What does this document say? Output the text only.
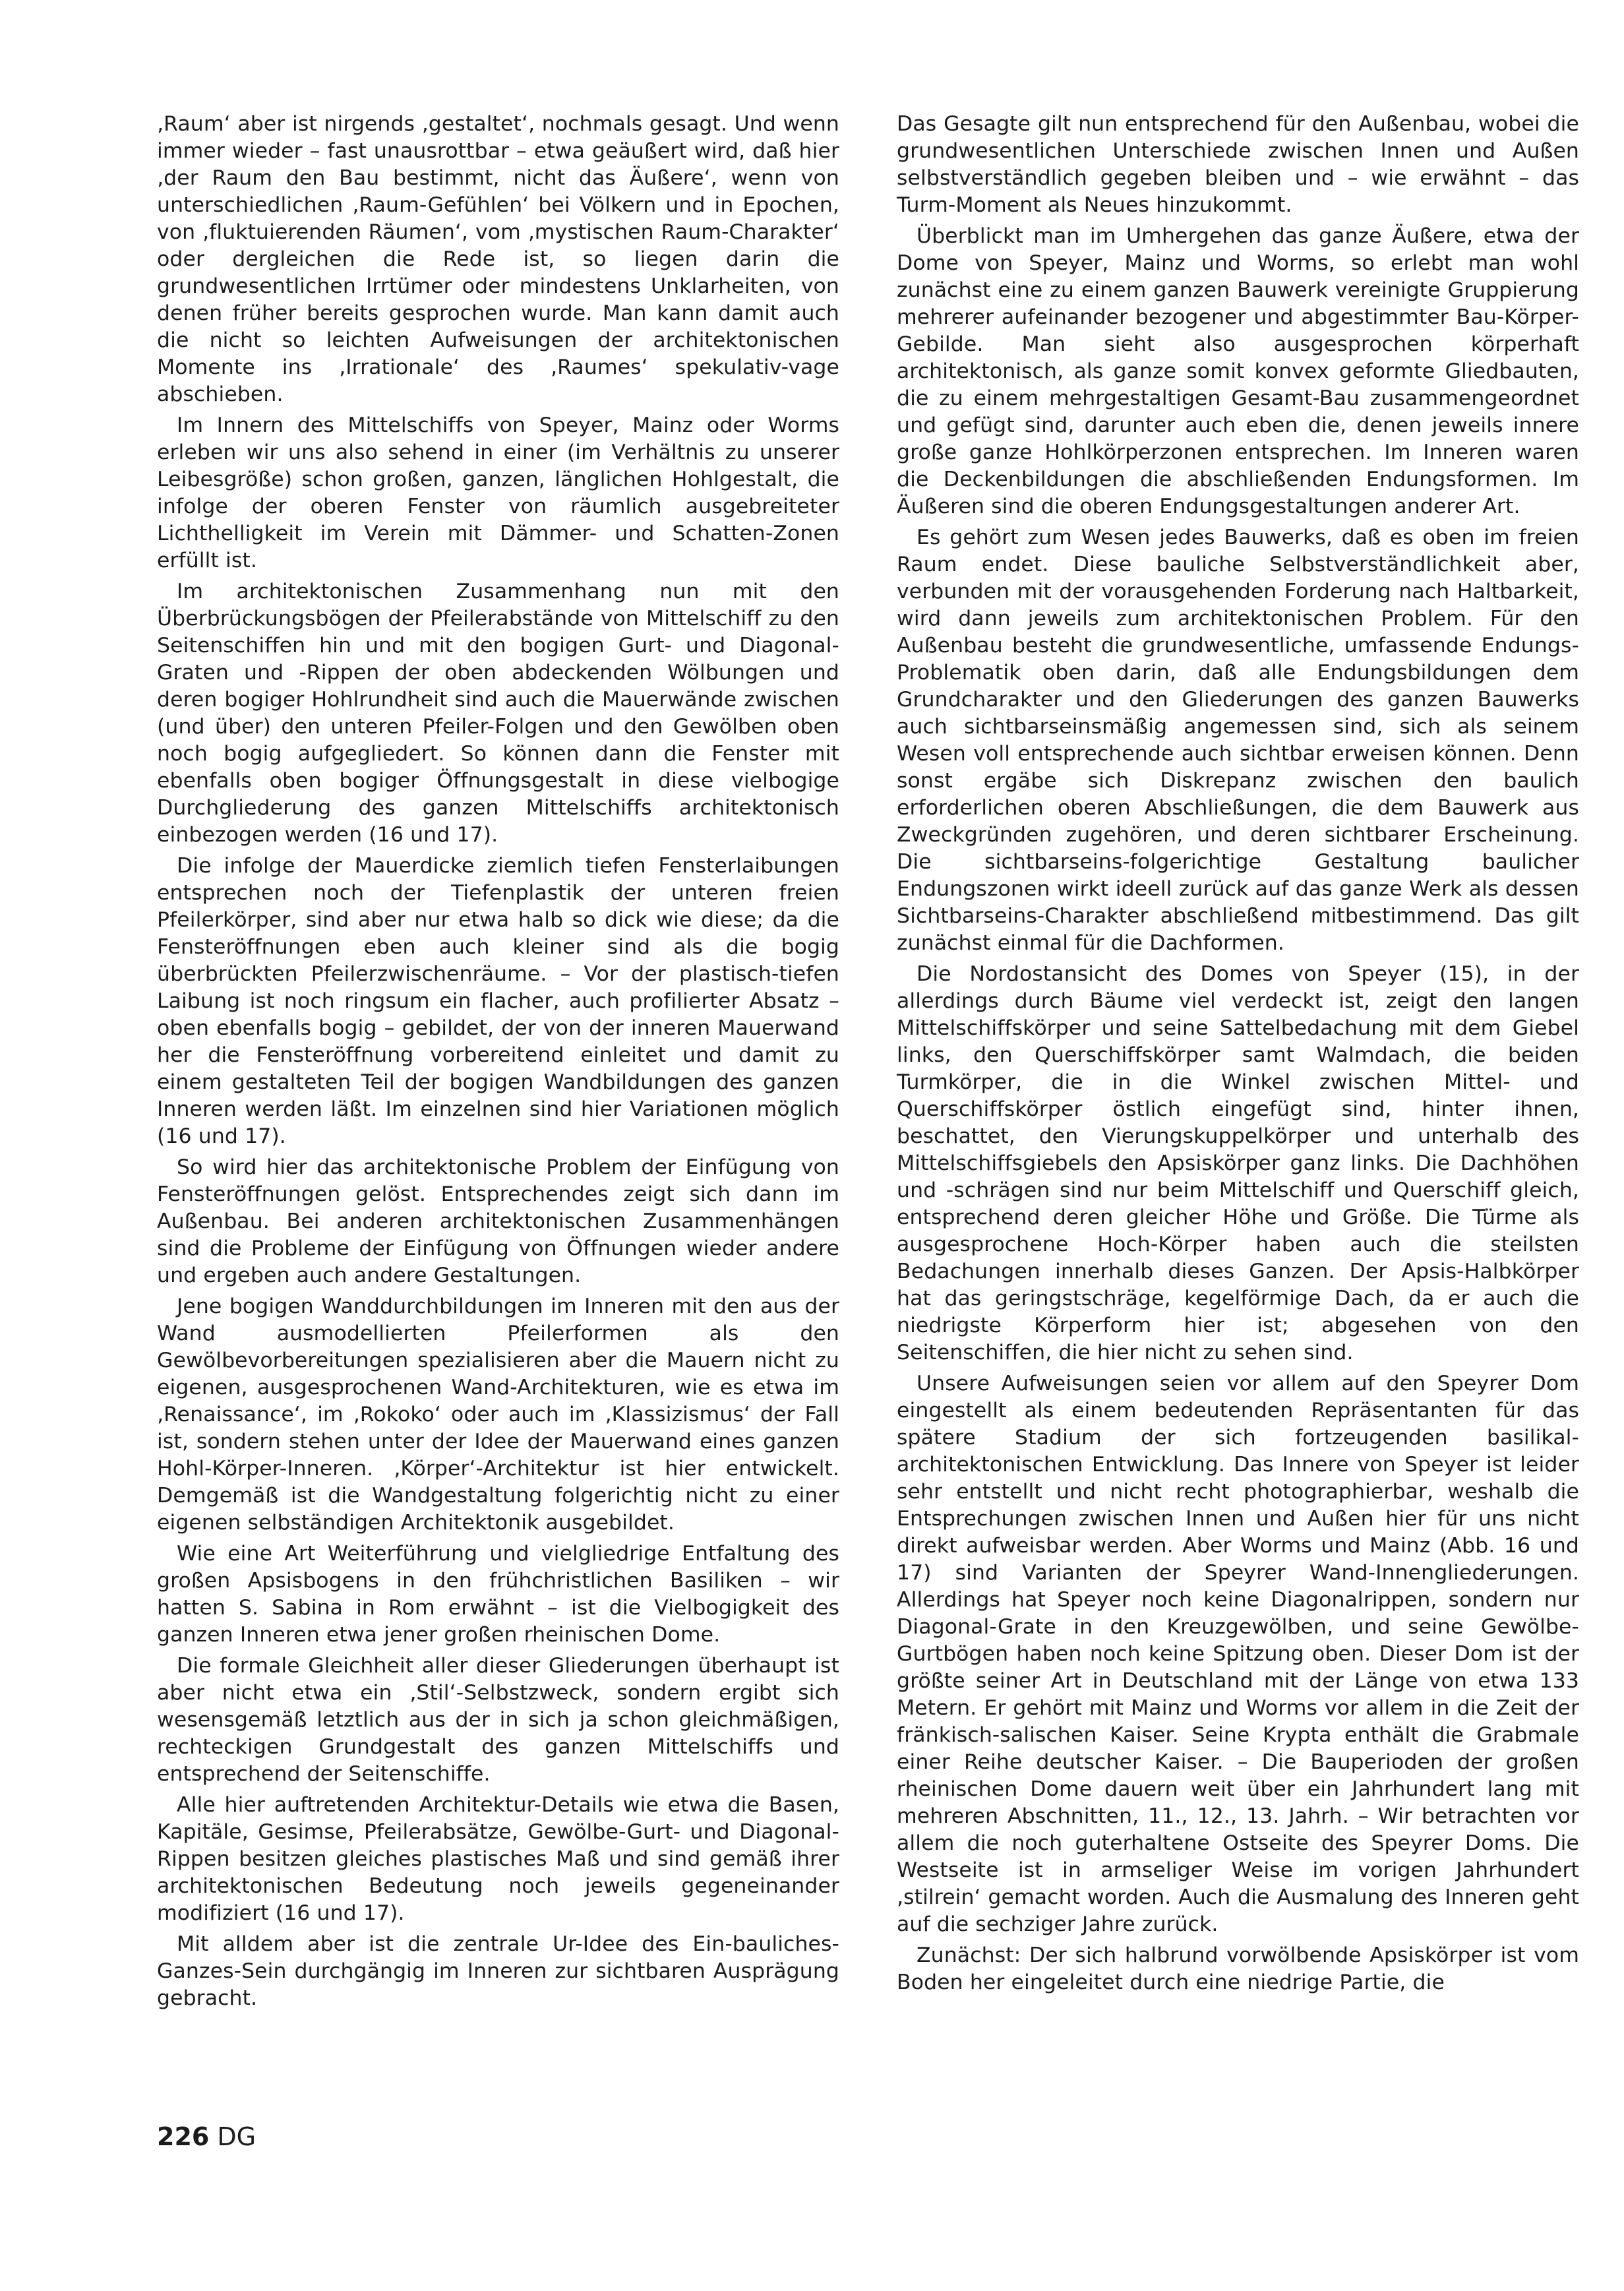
‚Raum‘ aber ist nirgends ‚gestaltet‘, nochmals gesagt. Und wenn immer wieder – fast unausrottbar – etwa geäußert wird, daß hier ‚der Raum den Bau bestimmt, nicht das Äußere‘, wenn von unterschiedlichen ‚Raum-Gefühlen‘ bei Völkern und in Epochen, von ‚fluktuierenden Räumen‘, vom ‚mystischen Raum-Charakter‘ oder dergleichen die Rede ist, so liegen darin die grundwesentlichen Irrtümer oder mindestens Unklarheiten, von denen früher bereits gesprochen wurde. Man kann damit auch die nicht so leichten Aufweisungen der architektonischen Momente ins ‚Irrationale‘ des ‚Raumes‘ spekulativ-vage abschieben.

Im Innern des Mittelschiffs von Speyer, Mainz oder Worms erleben wir uns also sehend in einer (im Verhältnis zu unserer Leibesgröße) schon großen, ganzen, länglichen Hohlgestalt, die infolge der oberen Fenster von räumlich ausgebreiteter Lichthelligkeit im Verein mit Dämmer- und Schatten-Zonen erfüllt ist.

Im architektonischen Zusammenhang nun mit den Überbrückungsbögen der Pfeilerabstände von Mittelschiff zu den Seitenschiffen hin und mit den bogigen Gurt- und Diagonal-Graten und -Rippen der oben abdeckenden Wölbungen und deren bogiger Hohlrundheit sind auch die Mauerwände zwischen (und über) den unteren Pfeiler-Folgen und den Gewölben oben noch bogig aufgegliedert. So können dann die Fenster mit ebenfalls oben bogiger Öffnungsgestalt in diese vielbogige Durchgliederung des ganzen Mittelschiffs architektonisch einbezogen werden (16 und 17).

Die infolge der Mauerdicke ziemlich tiefen Fensterlaibungen entsprechen noch der Tiefenplastik der unteren freien Pfeilerkörper, sind aber nur etwa halb so dick wie diese; da die Fensteröffnungen eben auch kleiner sind als die bogig überbrückten Pfeilerzwischenräume. – Vor der plastisch-tiefen Laibung ist noch ringsum ein flacher, auch profilierter Absatz – oben ebenfalls bogig – gebildet, der von der inneren Mauerwand her die Fensteröffnung vorbereitend einleitet und damit zu einem gestalteten Teil der bogigen Wandbildungen des ganzen Inneren werden läßt. Im einzelnen sind hier Variationen möglich (16 und 17).

So wird hier das architektonische Problem der Einfügung von Fensteröffnungen gelöst. Entsprechendes zeigt sich dann im Außenbau. Bei anderen architektonischen Zusammenhängen sind die Probleme der Einfügung von Öffnungen wieder andere und ergeben auch andere Gestaltungen.

Jene bogigen Wanddurchbildungen im Inneren mit den aus der Wand ausmodellierten Pfeilerformen als den Gewölbevorbereitungen spezialisieren aber die Mauern nicht zu eigenen, ausgesprochenen Wand-Architekturen, wie es etwa im ‚Renaissance‘, im ‚Rokoko‘ oder auch im ‚Klassizismus‘ der Fall ist, sondern stehen unter der Idee der Mauerwand eines ganzen Hohl-Körper-Inneren. ‚Körper‘-Architektur ist hier entwickelt. Demgemäß ist die Wandgestaltung folgerichtig nicht zu einer eigenen selbständigen Architektonik ausgebildet.

Wie eine Art Weiterführung und vielgliedrige Entfaltung des großen Apsisbogens in den frühchristlichen Basiliken – wir hatten S. Sabina in Rom erwähnt – ist die Vielbogigkeit des ganzen Inneren etwa jener großen rheinischen Dome.

Die formale Gleichheit aller dieser Gliederungen überhaupt ist aber nicht etwa ein ‚Stil‘-Selbstzweck, sondern ergibt sich wesensgemäß letztlich aus der in sich ja schon gleichmäßigen, rechteckigen Grundgestalt des ganzen Mittelschiffs und entsprechend der Seitenschiffe.

Alle hier auftretenden Architektur-Details wie etwa die Basen, Kapitäle, Gesimse, Pfeilerabsätze, Gewölbe-Gurt- und Diagonal-Rippen besitzen gleiches plastisches Maß und sind gemäß ihrer architektonischen Bedeutung noch jeweils gegeneinander modifiziert (16 und 17).

Mit alldem aber ist die zentrale Ur-Idee des Ein-bauliches-Ganzes-Sein durchgängig im Inneren zur sichtbaren Ausprägung gebracht.

Das Gesagte gilt nun entsprechend für den Außenbau, wobei die grundwesentlichen Unterschiede zwischen Innen und Außen selbstverständlich gegeben bleiben und – wie erwähnt – das Turm-Moment als Neues hinzukommt.

Überblickt man im Umhergehen das ganze Äußere, etwa der Dome von Speyer, Mainz und Worms, so erlebt man wohl zunächst eine zu einem ganzen Bauwerk vereinigte Gruppierung mehrerer aufeinander bezogener und abgestimmter Bau-Körper-Gebilde. Man sieht also ausgesprochen körperhaft architektonisch, als ganze somit konvex geformte Gliedbauten, die zu einem mehrgestaltigen Gesamt-Bau zusammengeordnet und gefügt sind, darunter auch eben die, denen jeweils innere große ganze Hohlkörperzonen entsprechen. Im Inneren waren die Deckenbildungen die abschließenden Endungsformen. Im Äußeren sind die oberen Endungsgestaltungen anderer Art.

Es gehört zum Wesen jedes Bauwerks, daß es oben im freien Raum endet. Diese bauliche Selbstverständlichkeit aber, verbunden mit der vorausgehenden Forderung nach Haltbarkeit, wird dann jeweils zum architektonischen Problem. Für den Außenbau besteht die grundwesentliche, umfassende Endungs-Problematik oben darin, daß alle Endungsbildungen dem Grundcharakter und den Gliederungen des ganzen Bauwerks auch sichtbarseinsmäßig angemessen sind, sich als seinem Wesen voll entsprechende auch sichtbar erweisen können. Denn sonst ergäbe sich Diskrepanz zwischen den baulich erforderlichen oberen Abschließungen, die dem Bauwerk aus Zweckgründen zugehören, und deren sichtbarer Erscheinung. Die sichtbarseins-folgerichtige Gestaltung baulicher Endungszonen wirkt ideell zurück auf das ganze Werk als dessen Sichtbarseins-Charakter abschließend mitbestimmend. Das gilt zunächst einmal für die Dachformen.

Die Nordostansicht des Domes von Speyer (15), in der allerdings durch Bäume viel verdeckt ist, zeigt den langen Mittelschiffskörper und seine Sattelbedachung mit dem Giebel links, den Querschiffskörper samt Walmdach, die beiden Turmkörper, die in die Winkel zwischen Mittel- und Querschiffskörper östlich eingefügt sind, hinter ihnen, beschattet, den Vierungskuppelkörper und unterhalb des Mittelschiffsgiebels den Apsiskörper ganz links. Die Dachhöhen und -schrägen sind nur beim Mittelschiff und Querschiff gleich, entsprechend deren gleicher Höhe und Größe. Die Türme als ausgesprochene Hoch-Körper haben auch die steilsten Bedachungen innerhalb dieses Ganzen. Der Apsis-Halbkörper hat das geringstschräge, kegelförmige Dach, da er auch die niedrigste Körperform hier ist; abgesehen von den Seitenschiffen, die hier nicht zu sehen sind.

Unsere Aufweisungen seien vor allem auf den Speyrer Dom eingestellt als einem bedeutenden Repräsentanten für das spätere Stadium der sich fortzeugenden basilikal-architektonischen Entwicklung. Das Innere von Speyer ist leider sehr entstellt und nicht recht photographierbar, weshalb die Entsprechungen zwischen Innen und Außen hier für uns nicht direkt aufweisbar werden. Aber Worms und Mainz (Abb. 16 und 17) sind Varianten der Speyrer Wand-Innengliederungen. Allerdings hat Speyer noch keine Diagonalrippen, sondern nur Diagonal-Grate in den Kreuzgewölben, und seine Gewölbe-Gurtbögen haben noch keine Spitzung oben. Dieser Dom ist der größte seiner Art in Deutschland mit der Länge von etwa 133 Metern. Er gehört mit Mainz und Worms vor allem in die Zeit der fränkisch-salischen Kaiser. Seine Krypta enthält die Grabmale einer Reihe deutscher Kaiser. – Die Bauperioden der großen rheinischen Dome dauern weit über ein Jahrhundert lang mit mehreren Abschnitten, 11., 12., 13. Jahrh. – Wir betrachten vor allem die noch guterhaltene Ostseite des Speyrer Doms. Die Westseite ist in armseliger Weise im vorigen Jahrhundert ‚stilrein‘ gemacht worden. Auch die Ausmalung des Inneren geht auf die sechziger Jahre zurück.

Zunächst: Der sich halbrund vorwölbende Apsiskörper ist vom Boden her eingeleitet durch eine niedrige Partie, die

226 DG
